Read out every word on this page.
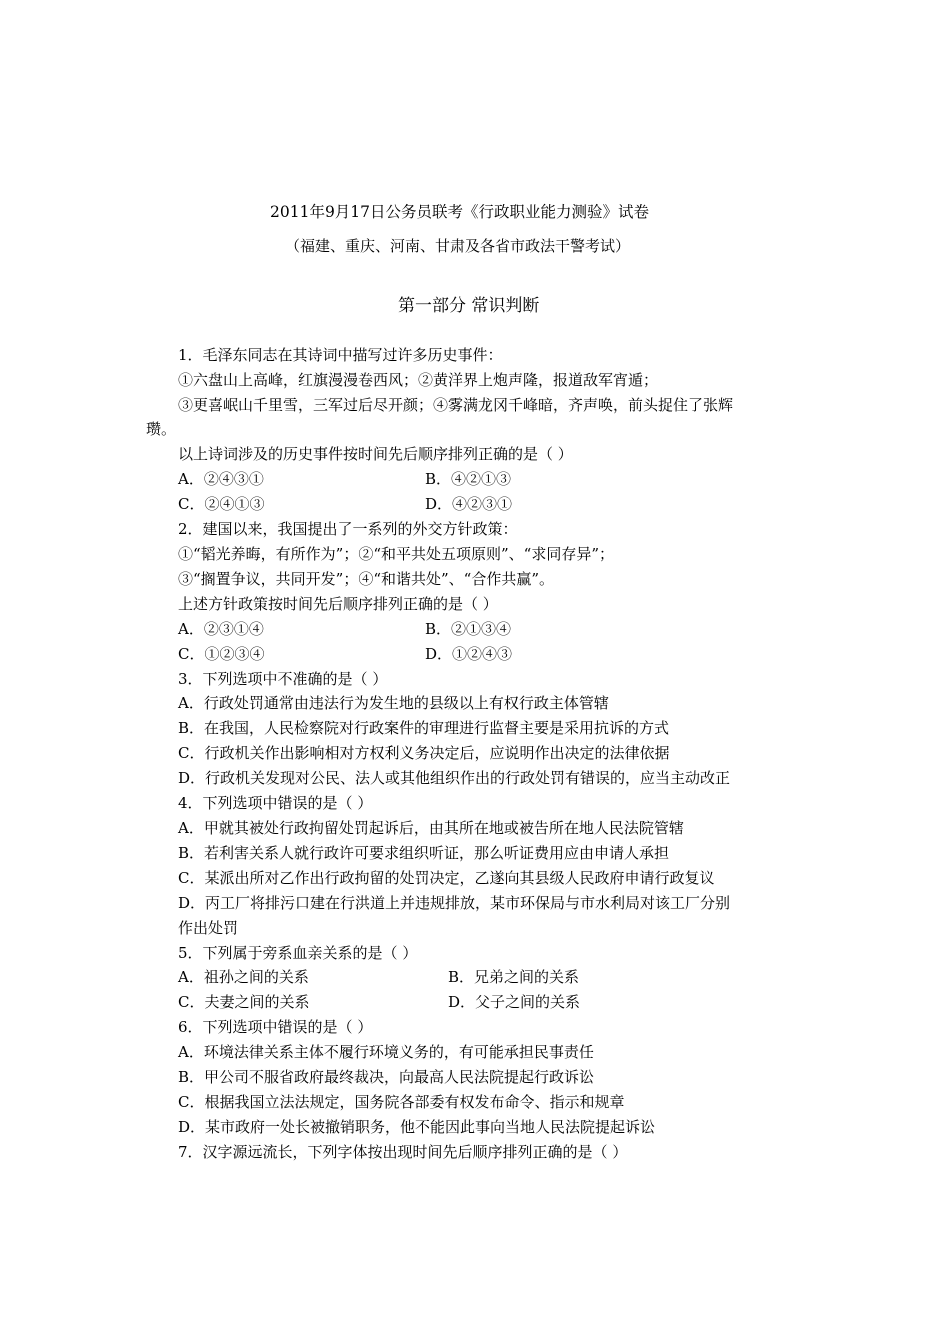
2011年9月17日公务员联考《行政职业能力测验》试卷
（福建、重庆、河南、甘肃及各省市政法干警考试）
第一部分 常识判断
1．毛泽东同志在其诗词中描写过许多历史事件：
①六盘山上高峰，红旗漫漫卷西风；②黄洋界上炮声隆，报道敌军宵遁；
③更喜岷山千里雪，三军过后尽开颜；④雾满龙冈千峰暗，齐声唤，前头捉住了张辉
瓒。
以上诗词涉及的历史事件按时间先后顺序排列正确的是（ ）
A．②④③①	B．④②①③
C．②④①③	D．④②③①
2．建国以来，我国提出了一系列的外交方针政策：
①“韬光养晦，有所作为”；②“和平共处五项原则”、“求同存异”；
③“搁置争议，共同开发”；④“和谐共处”、“合作共赢”。
上述方针政策按时间先后顺序排列正确的是（ ）
A．②③①④	B．②①③④
C．①②③④	D．①②④③
3．下列选项中不准确的是（ ）
A．行政处罚通常由违法行为发生地的县级以上有权行政主体管辖
B．在我国，人民检察院对行政案件的审理进行监督主要是采用抗诉的方式
C．行政机关作出影响相对方权利义务决定后，应说明作出决定的法律依据
D．行政机关发现对公民、法人或其他组织作出的行政处罚有错误的，应当主动改正
4．下列选项中错误的是（ ）
A．甲就其被处行政拘留处罚起诉后，由其所在地或被告所在地人民法院管辖
B．若利害关系人就行政许可要求组织听证，那么听证费用应由申请人承担
C．某派出所对乙作出行政拘留的处罚决定，乙遂向其县级人民政府申请行政复议
D．丙工厂将排污口建在行洪道上并违规排放，某市环保局与市水利局对该工厂分别
作出处罚
5．下列属于旁系血亲关系的是（ ）
A．祖孙之间的关系	B．兄弟之间的关系
C．夫妻之间的关系	D．父子之间的关系
6．下列选项中错误的是（ ）
A．环境法律关系主体不履行环境义务的，有可能承担民事责任
B．甲公司不服省政府最终裁决，向最高人民法院提起行政诉讼
C．根据我国立法法规定，国务院各部委有权发布命令、指示和规章
D．某市政府一处长被撤销职务，他不能因此事向当地人民法院提起诉讼
7．汉字源远流长，下列字体按出现时间先后顺序排列正确的是（ ）
